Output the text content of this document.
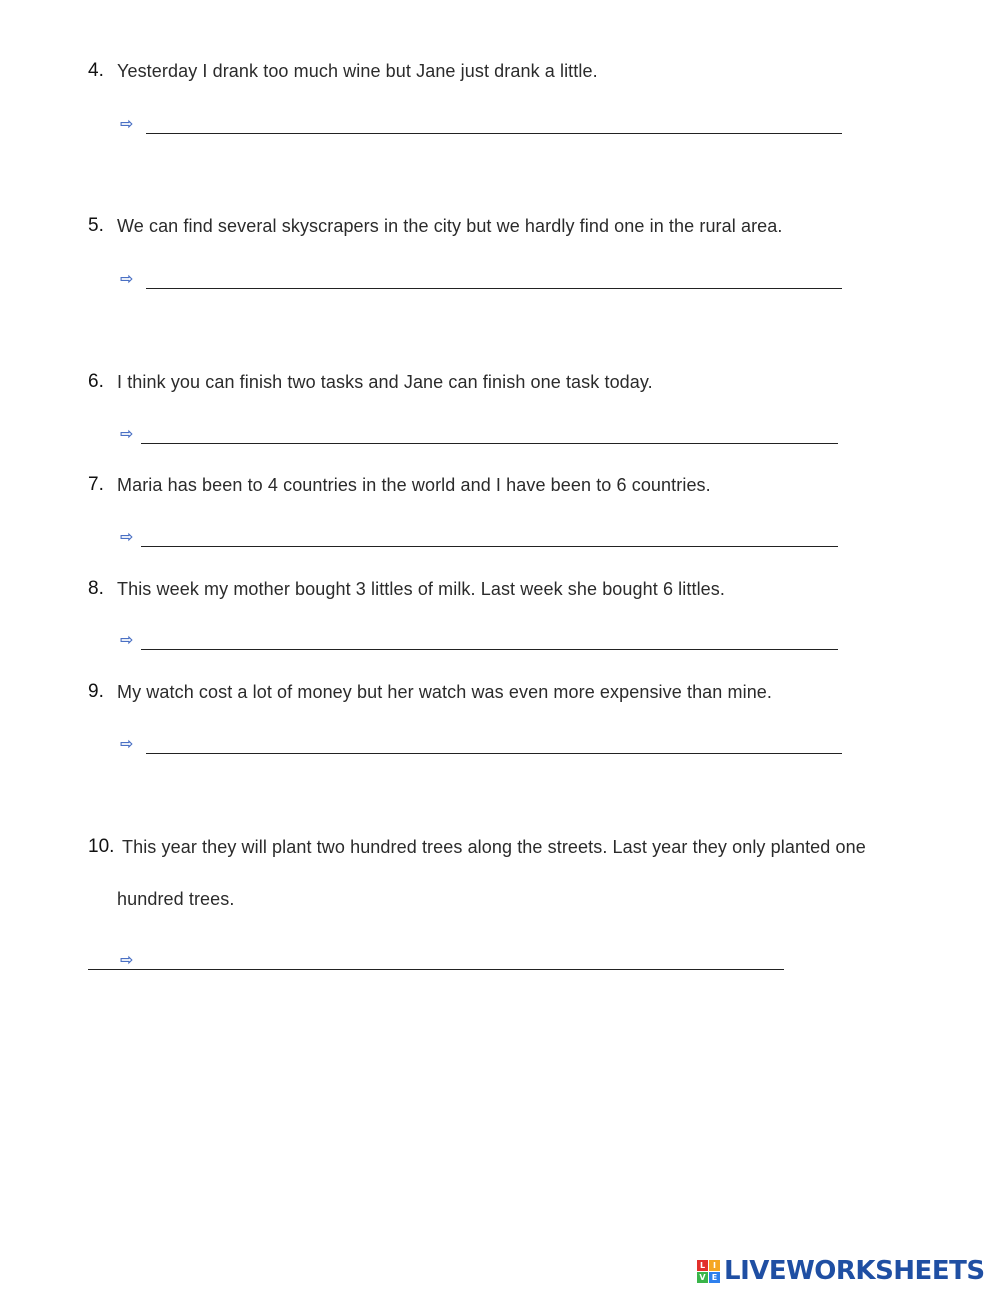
4. Yesterday I drank too much wine but Jane just drank a little.
⇨
5. We can find several skyscrapers in the city but we hardly find one in the rural area.
⇨
6. I think you can finish two tasks and Jane can finish one task today.
⇨
7. Maria has been to 4 countries in the world and I have been to 6 countries.
⇨
8. This week my mother bought 3 littles of milk. Last week she bought 6 littles.
⇨
9. My watch cost a lot of money but her watch was even more expensive than mine.
⇨
10. This year they will plant two hundred trees along the streets. Last year they only planted one
hundred trees.
⇨
L I
V E LIVEWORKSHEETS
